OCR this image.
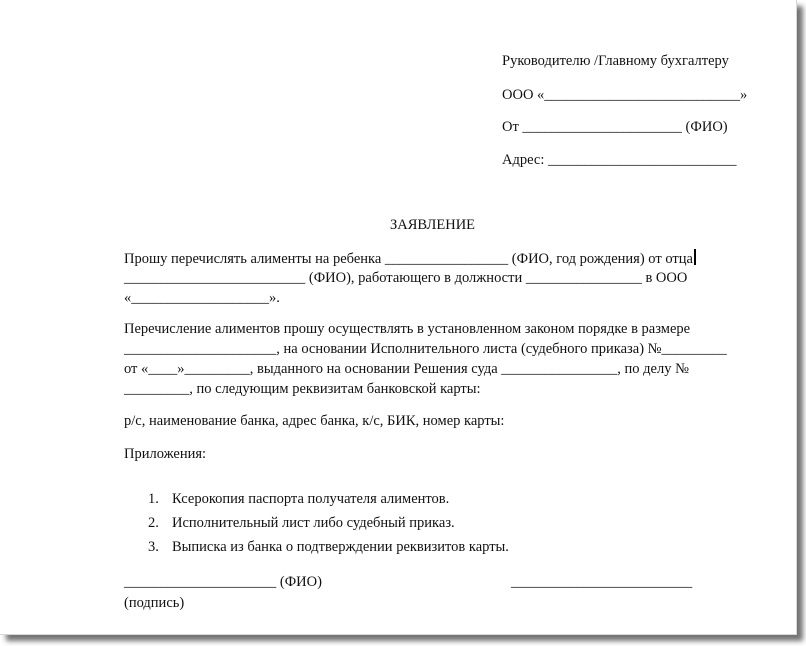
Руководителю /Главному бухгалтеру
ООО «___________________________»
От ______________________ (ФИО)
Адрес: __________________________
ЗАЯВЛЕНИЕ
Прошу перечислять алименты на ребенка _________________ (ФИО, год рождения) от отца
_________________________ (ФИО), работающего в должности ________________ в ООО
«___________________».
Перечисление алиментов прошу осуществлять в установленном законом порядке в размере
_____________________, на основании Исполнительного листа (судебного приказа) №_________
от «____»_________, выданного на основании Решения суда ________________, по делу №
_________, по следующим реквизитам банковской карты:
р/с, наименование банка, адрес банка, к/с, БИК, номер карты:
Приложения:
1. Ксерокопия паспорта получателя алиментов.
2. Исполнительный лист либо судебный приказ.
3. Выписка из банка о подтверждении реквизитов карты.
_____________________ (ФИО)	_________________________
(подпись)
